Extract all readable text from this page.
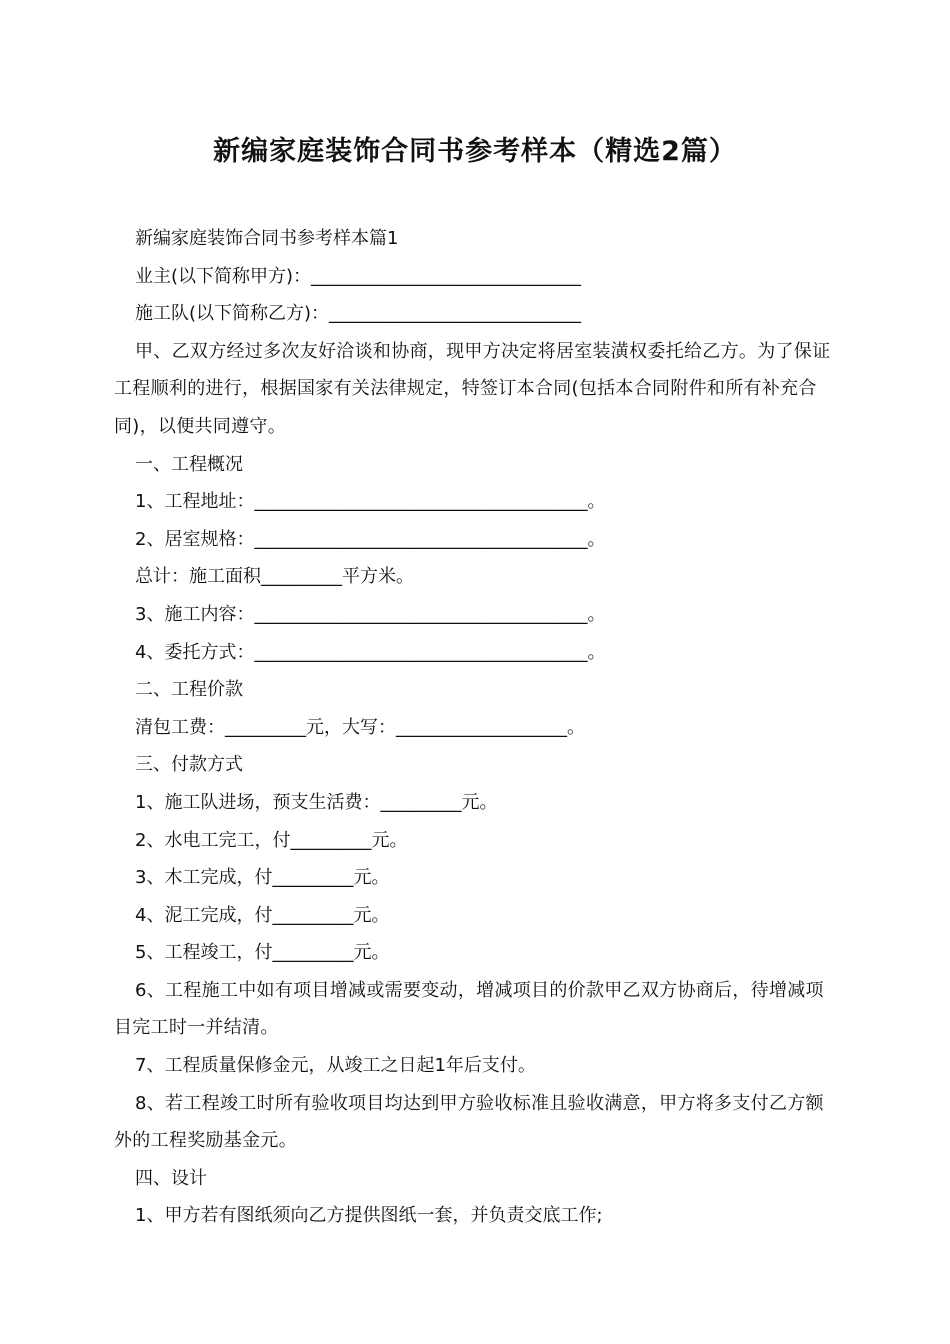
新编家庭装饰合同书参考样本（精选2篇）

新编家庭装饰合同书参考样本篇1

业主(以下简称甲方)：______________________________

施工队(以下简称乙方)：____________________________

甲、乙双方经过多次友好洽谈和协商，现甲方决定将居室装潢权委托给乙方。为了保证工程顺利的进行，根据国家有关法律规定，特签订本合同(包括本合同附件和所有补充合同)，以便共同遵守。

一、工程概况

1、工程地址：_____________________________________。

2、居室规格：_____________________________________。

总计：施工面积_________平方米。

3、施工内容：_____________________________________。

4、委托方式：_____________________________________。

二、工程价款

清包工费：_________元，大写：___________________。

三、付款方式

1、施工队进场，预支生活费：_________元。

2、水电工完工，付_________元。

3、木工完成，付_________元。

4、泥工完成，付_________元。

5、工程竣工，付_________元。

6、工程施工中如有项目增减或需要变动，增减项目的价款甲乙双方协商后，待增减项目完工时一并结清。

7、工程质量保修金元，从竣工之日起1年后支付。

8、若工程竣工时所有验收项目均达到甲方验收标准且验收满意，甲方将多支付乙方额外的工程奖励基金元。

四、设计

1、甲方若有图纸须向乙方提供图纸一套，并负责交底工作;
